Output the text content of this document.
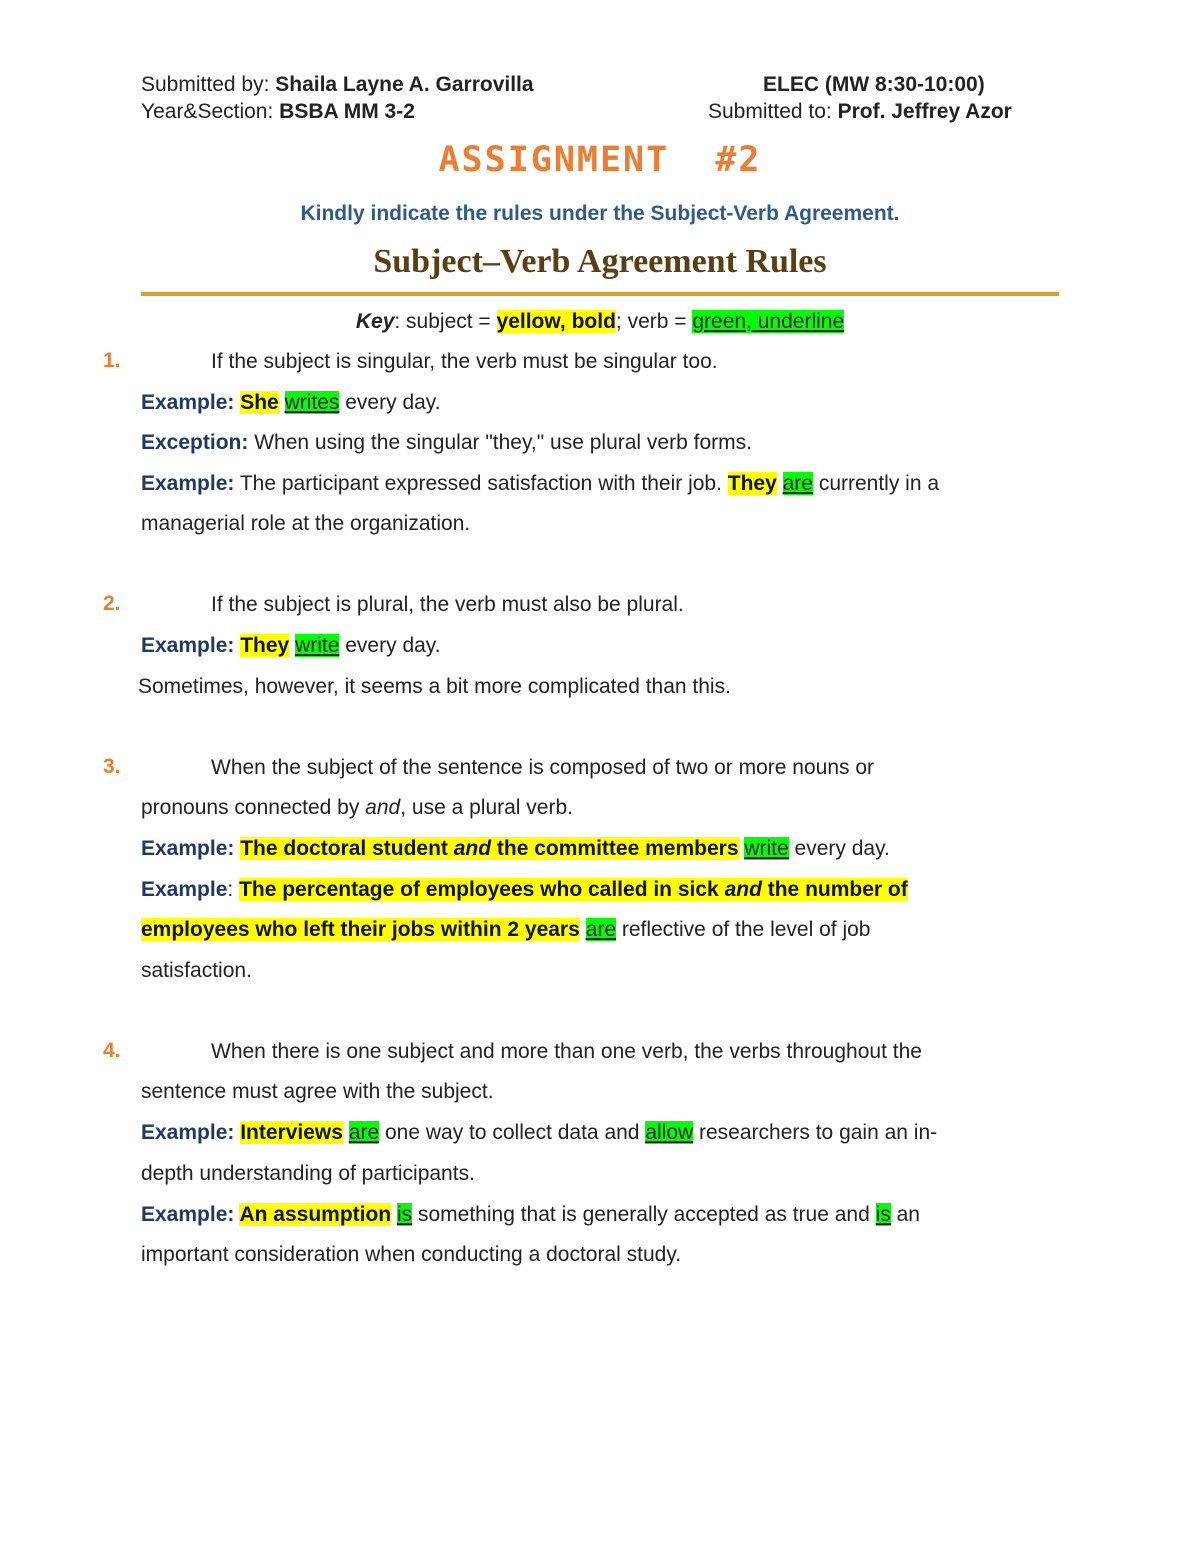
Submitted by: Shaila Layne A. Garrovilla	ELEC (MW 8:30-10:00)
Year&Section: BSBA MM 3-2	Submitted to: Prof. Jeffrey Azor
ASSIGNMENT  #2
Kindly indicate the rules under the Subject-Verb Agreement.
Subject–Verb Agreement Rules
Key: subject = yellow, bold; verb = green, underline
1.	If the subject is singular, the verb must be singular too.
Example: She writes every day.
Exception: When using the singular "they," use plural verb forms.
Example: The participant expressed satisfaction with their job. They are currently in a
managerial role at the organization.
2.	If the subject is plural, the verb must also be plural.
Example: They write every day.
Sometimes, however, it seems a bit more complicated than this.
3.	When the subject of the sentence is composed of two or more nouns or
pronouns connected by and, use a plural verb.
Example: The doctoral student and the committee members write every day.
Example: The percentage of employees who called in sick and the number of
employees who left their jobs within 2 years are reflective of the level of job
satisfaction.
4.	When there is one subject and more than one verb, the verbs throughout the
sentence must agree with the subject.
Example: Interviews are one way to collect data and allow researchers to gain an in-
depth understanding of participants.
Example: An assumption is something that is generally accepted as true and is an
important consideration when conducting a doctoral study.
